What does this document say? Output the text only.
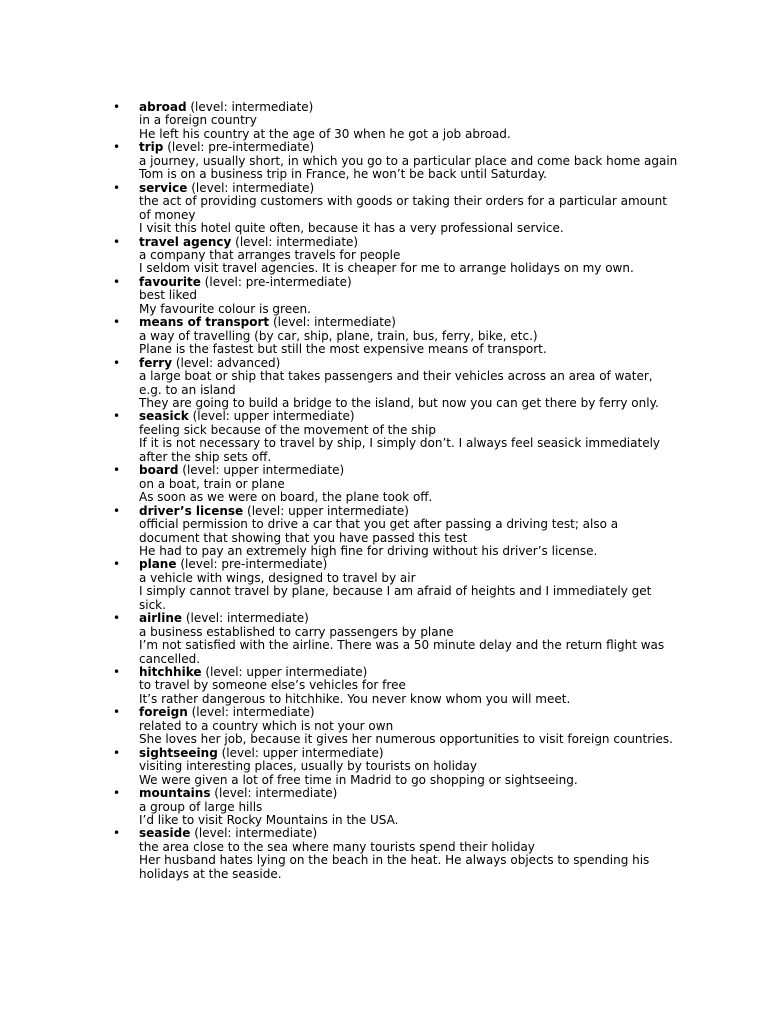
• abroad (level: intermediate)
in a foreign country
He left his country at the age of 30 when he got a job abroad.
• trip (level: pre-intermediate)
a journey, usually short, in which you go to a particular place and come back home again
Tom is on a business trip in France, he won’t be back until Saturday.
• service (level: intermediate)
the act of providing customers with goods or taking their orders for a particular amount of money
I visit this hotel quite often, because it has a very professional service.
• travel agency (level: intermediate)
a company that arranges travels for people
I seldom visit travel agencies. It is cheaper for me to arrange holidays on my own.
• favourite (level: pre-intermediate)
best liked
My favourite colour is green.
• means of transport (level: intermediate)
a way of travelling (by car, ship, plane, train, bus, ferry, bike, etc.)
Plane is the fastest but still the most expensive means of transport.
• ferry (level: advanced)
a large boat or ship that takes passengers and their vehicles across an area of water, e.g. to an island
They are going to build a bridge to the island, but now you can get there by ferry only.
• seasick (level: upper intermediate)
feeling sick because of the movement of the ship
If it is not necessary to travel by ship, I simply don’t. I always feel seasick immediately after the ship sets off.
• board (level: upper intermediate)
on a boat, train or plane
As soon as we were on board, the plane took off.
• driver’s license (level: upper intermediate)
official permission to drive a car that you get after passing a driving test; also a document that showing that you have passed this test
He had to pay an extremely high fine for driving without his driver’s license.
• plane (level: pre-intermediate)
a vehicle with wings, designed to travel by air
I simply cannot travel by plane, because I am afraid of heights and I immediately get sick.
• airline (level: intermediate)
a business established to carry passengers by plane
I’m not satisfied with the airline. There was a 50 minute delay and the return flight was cancelled.
• hitchhike (level: upper intermediate)
to travel by someone else’s vehicles for free
It’s rather dangerous to hitchhike. You never know whom you will meet.
• foreign (level: intermediate)
related to a country which is not your own
She loves her job, because it gives her numerous opportunities to visit foreign countries.
• sightseeing (level: upper intermediate)
visiting interesting places, usually by tourists on holiday
We were given a lot of free time in Madrid to go shopping or sightseeing.
• mountains (level: intermediate)
a group of large hills
I’d like to visit Rocky Mountains in the USA.
• seaside (level: intermediate)
the area close to the sea where many tourists spend their holiday
Her husband hates lying on the beach in the heat. He always objects to spending his holidays at the seaside.
